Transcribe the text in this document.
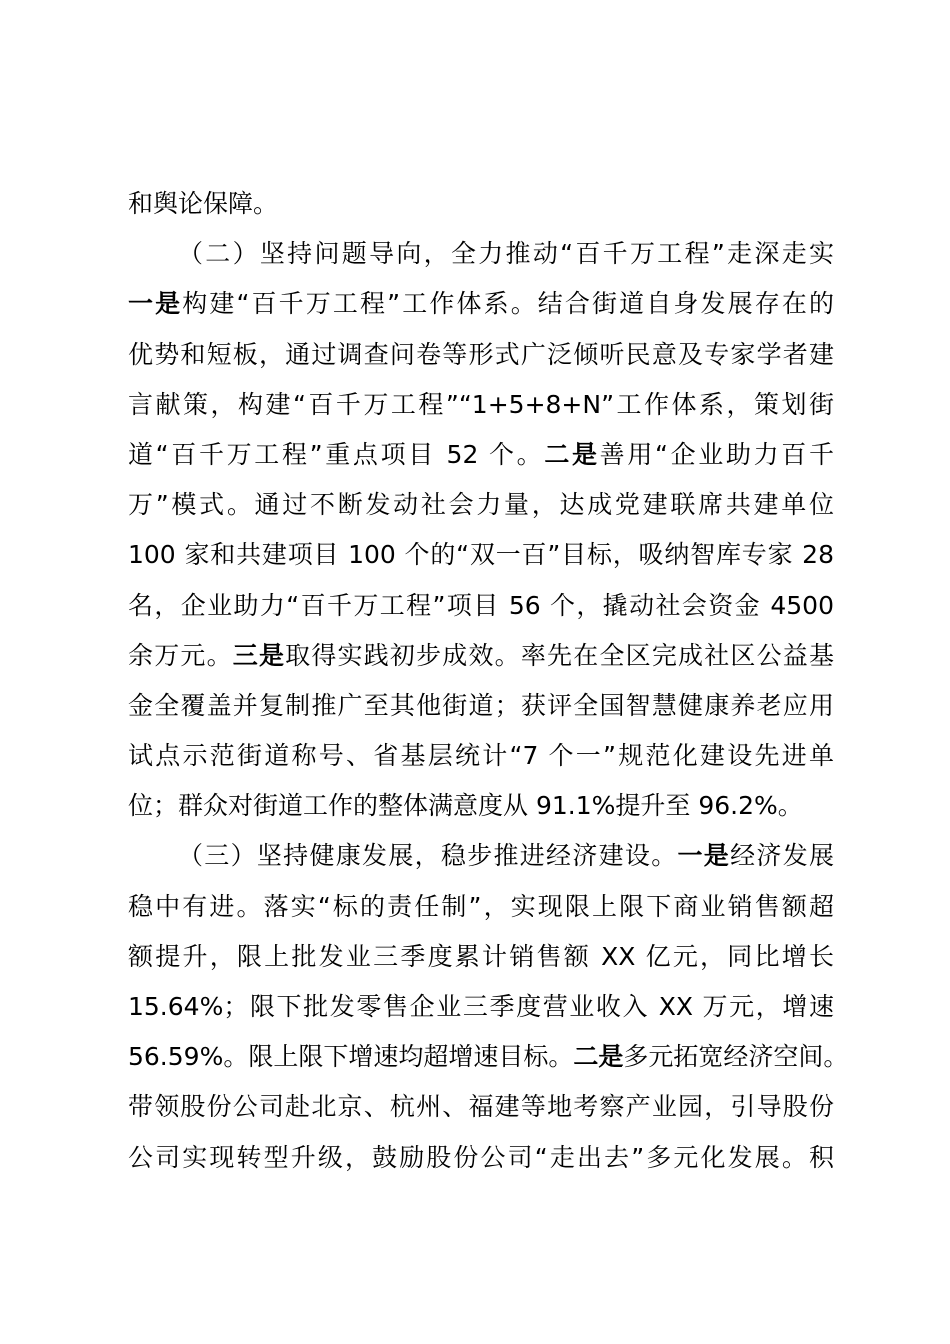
和舆论保障。
（二）坚持问题导向，全力推动“百千万工程”走深走实
一是构建“百千万工程”工作体系。结合街道自身发展存在的
优势和短板，通过调查问卷等形式广泛倾听民意及专家学者建
言献策，构建“百千万工程”“1+5+8+N”工作体系，策划街
道“百千万工程”重点项目 52 个。二是善用“企业助力百千
万”模式。通过不断发动社会力量，达成党建联席共建单位
100 家和共建项目 100 个的“双一百”目标，吸纳智库专家 28
名，企业助力“百千万工程”项目 56 个，撬动社会资金 4500
余万元。三是取得实践初步成效。率先在全区完成社区公益基
金全覆盖并复制推广至其他街道；获评全国智慧健康养老应用
试点示范街道称号、省基层统计“7 个一”规范化建设先进单
位；群众对街道工作的整体满意度从 91.1%提升至 96.2%。
（三）坚持健康发展，稳步推进经济建设。一是经济发展
稳中有进。落实“标的责任制”，实现限上限下商业销售额超
额提升，限上批发业三季度累计销售额 XX 亿元，同比增长
15.64%；限下批发零售企业三季度营业收入 XX 万元，增速
56.59%。限上限下增速均超增速目标。二是多元拓宽经济空间。
带领股份公司赴北京、杭州、福建等地考察产业园，引导股份
公司实现转型升级，鼓励股份公司“走出去”多元化发展。积
